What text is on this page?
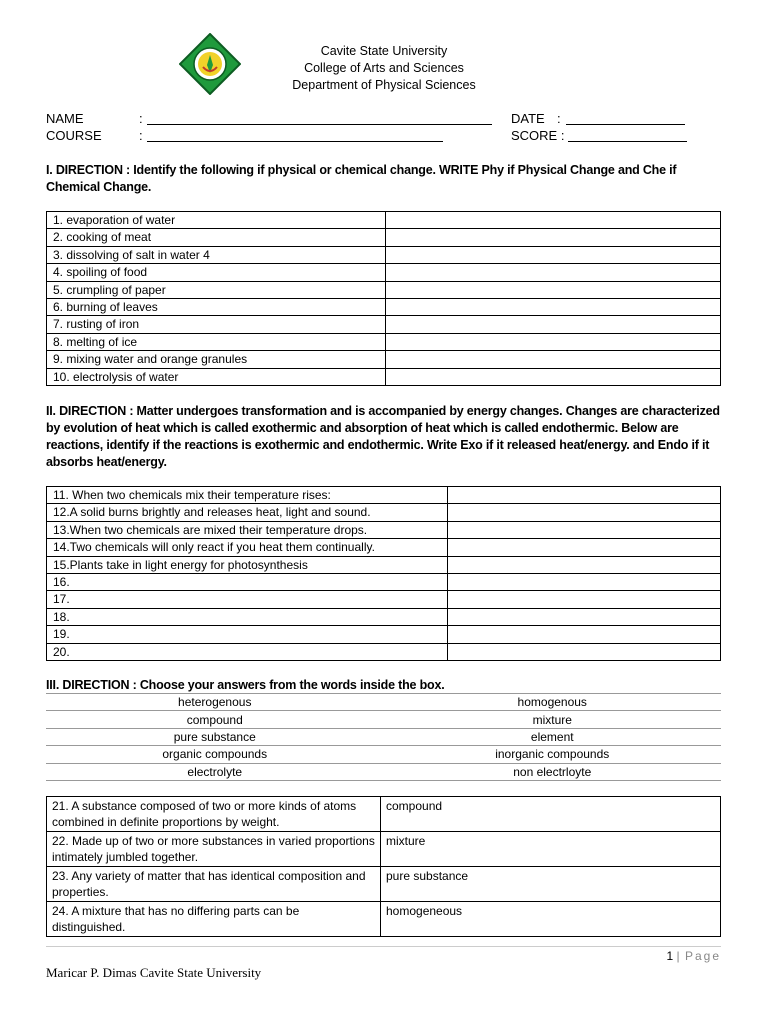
Cavite State University
College of Arts and Sciences
Department of Physical Sciences
NAME	:	DATE :
COURSE	:	SCORE :
I. DIRECTION : Identify the following if physical or chemical change. WRITE Phy if Physical Change and Che if Chemical Change.
1. evaporation of water	
2. cooking of meat	
3. dissolving of salt in water 4	
4. spoiling of food	
5. crumpling of paper	
6. burning of leaves	
7. rusting of iron	
8. melting of ice	
9. mixing water and orange granules	
10. electrolysis of water	
II. DIRECTION : Matter undergoes transformation and is accompanied by energy changes. Changes are characterized by evolution of heat which is called exothermic and absorption of heat which is called endothermic. Below are reactions, identify if the reactions is exothermic and endothermic. Write Exo if it released heat/energy. and Endo if it absorbs heat/energy.
11. When two chemicals mix their temperature rises:	
12.A solid burns brightly and releases heat, light and sound.	
13.When two chemicals are mixed their temperature drops.	
14.Two chemicals will only react if you heat them continually.	
15.Plants take in light energy for photosynthesis	
16.	
17.	
18.	
19.	
20.	
III. DIRECTION : Choose your answers from the words inside the box.
heterogenous	homogenous
compound	mixture
pure substance	element
organic compounds	inorganic compounds
electrolyte	non electrloyte
21. A substance composed of two or more kinds of atoms combined in definite proportions by weight.	compound
22. Made up of two or more substances in varied proportions intimately jumbled together.	mixture
23. Any variety of matter that has identical composition and properties.	pure substance
24. A mixture that has no differing parts can be distinguished.	homogeneous
1 | Page
Maricar P. Dimas Cavite State University
